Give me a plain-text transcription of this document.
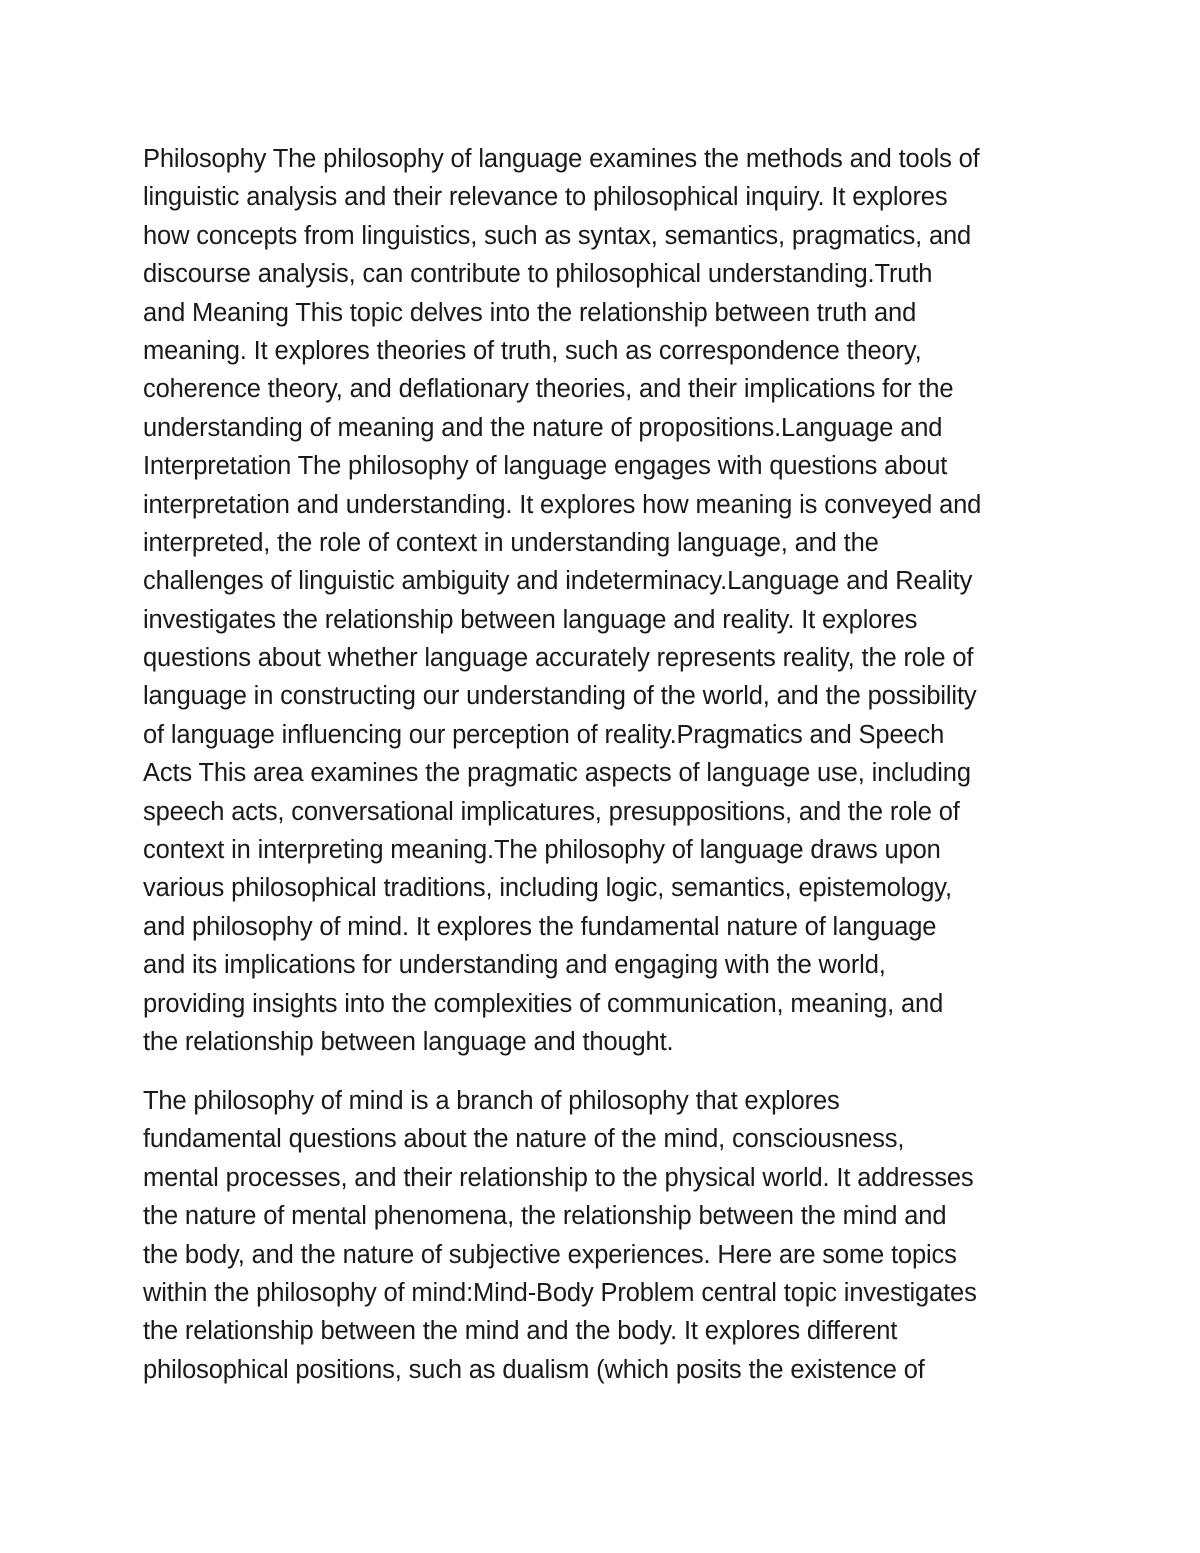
Philosophy The philosophy of language examines the methods and tools of
linguistic analysis and their relevance to philosophical inquiry. It explores
how concepts from linguistics, such as syntax, semantics, pragmatics, and
discourse analysis, can contribute to philosophical understanding.Truth
and Meaning This topic delves into the relationship between truth and
meaning. It explores theories of truth, such as correspondence theory,
coherence theory, and deflationary theories, and their implications for the
understanding of meaning and the nature of propositions.Language and
Interpretation The philosophy of language engages with questions about
interpretation and understanding. It explores how meaning is conveyed and
interpreted, the role of context in understanding language, and the
challenges of linguistic ambiguity and indeterminacy.Language and Reality
investigates the relationship between language and reality. It explores
questions about whether language accurately represents reality, the role of
language in constructing our understanding of the world, and the possibility
of language influencing our perception of reality.Pragmatics and Speech
Acts This area examines the pragmatic aspects of language use, including
speech acts, conversational implicatures, presuppositions, and the role of
context in interpreting meaning.The philosophy of language draws upon
various philosophical traditions, including logic, semantics, epistemology,
and philosophy of mind. It explores the fundamental nature of language
and its implications for understanding and engaging with the world,
providing insights into the complexities of communication, meaning, and
the relationship between language and thought.
The philosophy of mind is a branch of philosophy that explores
fundamental questions about the nature of the mind, consciousness,
mental processes, and their relationship to the physical world. It addresses
the nature of mental phenomena, the relationship between the mind and
the body, and the nature of subjective experiences. Here are some topics
within the philosophy of mind:Mind-Body Problem central topic investigates
the relationship between the mind and the body. It explores different
philosophical positions, such as dualism (which posits the existence of
